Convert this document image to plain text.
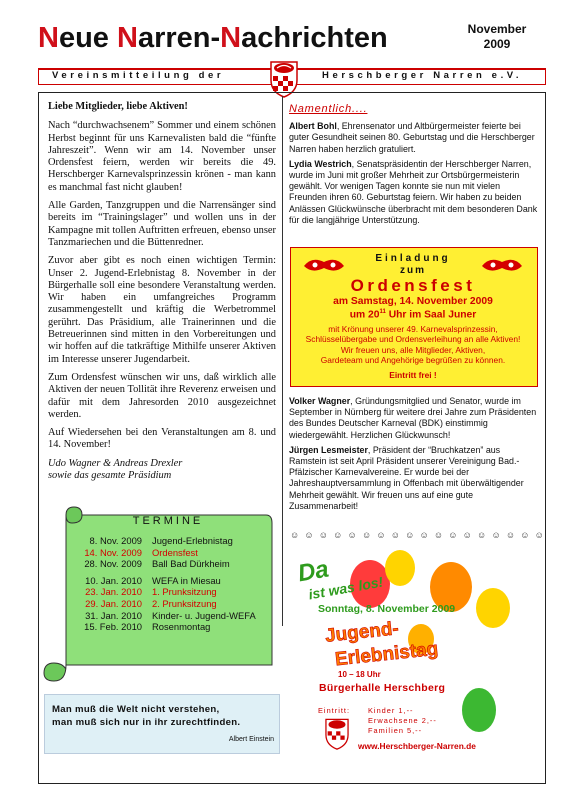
Neue Narren-Nachrichten	November
2009
Vereinsmitteilung der	Herschberger Narren e.V.

Liebe Mitglieder, liebe Aktiven!

Nach “durchwachsenem” Sommer und einem schönen Herbst beginnt für uns Karnevalisten bald die “fünfte Jahreszeit”. Wenn wir am 14. November unser Ordensfest feiern, werden wir bereits die 49. Herschberger Karnevalsprinzessin krönen - man kann es manchmal fast nicht glauben!

Alle Garden, Tanzgruppen und die Narrensänger sind bereits im “Trainingslager” und wollen uns in der Kampagne mit tollen Auftritten erfreuen, ebenso unser Tanzmariechen und die Büttenredner.

Zuvor aber gibt es noch einen wichtigen Termin: Unser 2. Jugend-Erlebnistag 8. November in der Bürgerhalle soll eine besondere Veranstaltung werden. Wir haben ein umfangreiches Programm zusammengestellt und kräftig die Werbetrommel gerührt. Das Präsidium, alle Trainerinnen und die Betreuerinnen sind mitten in den Vorbereitungen und wir hoffen auf die tatkräftige Mithilfe unserer Aktiven im Interesse unserer Jugendarbeit.

Zum Ordensfest wünschen wir uns, daß wirklich alle Aktiven der neuen Tollität ihre Reverenz erweisen und dafür mit dem Jahresorden 2010 ausgezeichnet werden.

Auf Wiedersehen bei den Veranstaltungen am 8. und 14. November!

Udo Wagner & Andreas Drexler

sowie das gesamte Präsidium

TERMINE
8. Nov. 2009	Jugend-Erlebnistag
14. Nov. 2009	Ordensfest
28. Nov. 2009	Ball Bad Dürkheim
10. Jan. 2010	WEFA in Miesau
23. Jan. 2010	1. Prunksitzung
29. Jan. 2010	2. Prunksitzung
31. Jan. 2010	Kinder- u. Jugend-WEFA
15. Feb. 2010	Rosenmontag
Man muß die Welt nicht verstehen,
man muß sich nur in ihr zurechtfinden.
Albert Einstein
Namentlich....

Albert Bohl, Ehrensenator und Altbürgermeister feierte bei guter Gesundheit seinen 80. Geburtstag und die Herschberger Narren haben herzlich gratuliert.

Lydia Westrich, Senatspräsidentin der Herschberger Narren, wurde im Juni mit großer Mehrheit zur Ortsbürgermeisterin gewählt. Vor wenigen Tagen konnte sie nun mit vielen Freunden ihren 60. Geburtstag feiern. Wir haben zu beiden Anlässen Glückwünsche überbracht mit dem besonderen Dank für die langjährige Unterstützung.

Einladung
zum
Ordensfest
am Samstag, 14. November 2009
um $20^{11}$ Uhr im Saal Juner
mit Krönung unserer 49. Karnevalsprinzessin,
Schlüsselübergabe und Ordensverleihung an alle Aktiven!
Wir freuen uns, alle Mitglieder, Aktiven,
Gardeteam und Angehörige begrüßen zu können.
Eintritt frei !

Volker Wagner, Gründungsmitglied und Senator, wurde im September in Nürnberg für weitere drei Jahre zum Präsidenten des Bundes Deutscher Karneval (BDK) einstimmig wiedergewählt. Herzlichen Glückwunsch!

Jürgen Lesmeister, Präsident der “Bruchkatzen” aus Ramstein ist seit April Präsident unserer Vereinigung Bad.-Pfälzischer Karnevalvereine. Er wurde bei der Jahreshauptversammlung in Offenbach mit überwältigender Mehrheit gewählt. Wir freuen uns auf eine gute Zusammenarbeit!

☺☺☺☺☺☺☺☺☺☺☺☺☺☺☺☺☺☺
Da
ist was los!
Sonntag, 8. November 2009
Jugend-
Erlebnistag
10 – 18 Uhr
Bürgerhalle Herschberg
Eintritt: Kinder 1,--
Erwachsene 2,--
Familien 5,--
www.Herschberger-Narren.de
